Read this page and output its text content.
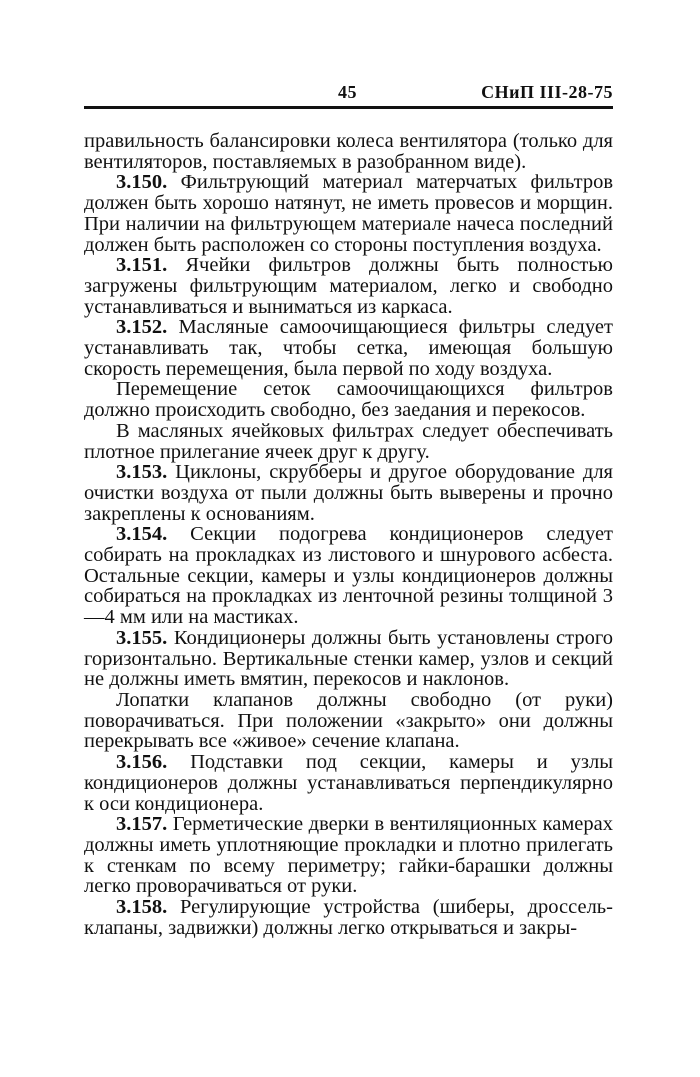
45	СНиП III-28-75

правильность балансировки колеса вентилятора (только для вентиляторов, поставляемых в разобранном виде).

3.150. Фильтрующий материал матерчатых фильтров должен быть хорошо натянут, не иметь провесов и морщин. При наличии на фильтрующем материале начеса последний должен быть расположен со стороны поступления воздуха.

3.151. Ячейки фильтров должны быть полностью загружены фильтрующим материалом, легко и свободно устанавливаться и выниматься из каркаса.

3.152. Масляные самоочищающиеся фильтры следует устанавливать так, чтобы сетка, имеющая большую скорость перемещения, была первой по ходу воздуха.

Перемещение сеток самоочищающихся фильтров должно происходить свободно, без заедания и перекосов.

В масляных ячейковых фильтрах следует обеспечивать плотное прилегание ячеек друг к другу.

3.153. Циклоны, скрубберы и другое оборудование для очистки воздуха от пыли должны быть выверены и прочно закреплены к основаниям.

3.154. Секции подогрева кондиционеров следует собирать на прокладках из листового и шнурового асбеста. Остальные секции, камеры и узлы кондиционеров должны собираться на прокладках из ленточной резины толщиной 3—4 мм или на мастиках.

3.155. Кондиционеры должны быть установлены строго горизонтально. Вертикальные стенки камер, узлов и секций не должны иметь вмятин, перекосов и наклонов.

Лопатки клапанов должны свободно (от руки) поворачиваться. При положении «закрыто» они должны перекрывать все «живое» сечение клапана.

3.156. Подставки под секции, камеры и узлы кондиционеров должны устанавливаться перпендикулярно к оси кондиционера.

3.157. Герметические дверки в вентиляционных камерах должны иметь уплотняющие прокладки и плотно прилегать к стенкам по всему периметру; гайки-барашки должны легко проворачиваться от руки.

3.158. Регулирующие устройства (шиберы, дроссель-клапаны, задвижки) должны легко открываться и закры-
